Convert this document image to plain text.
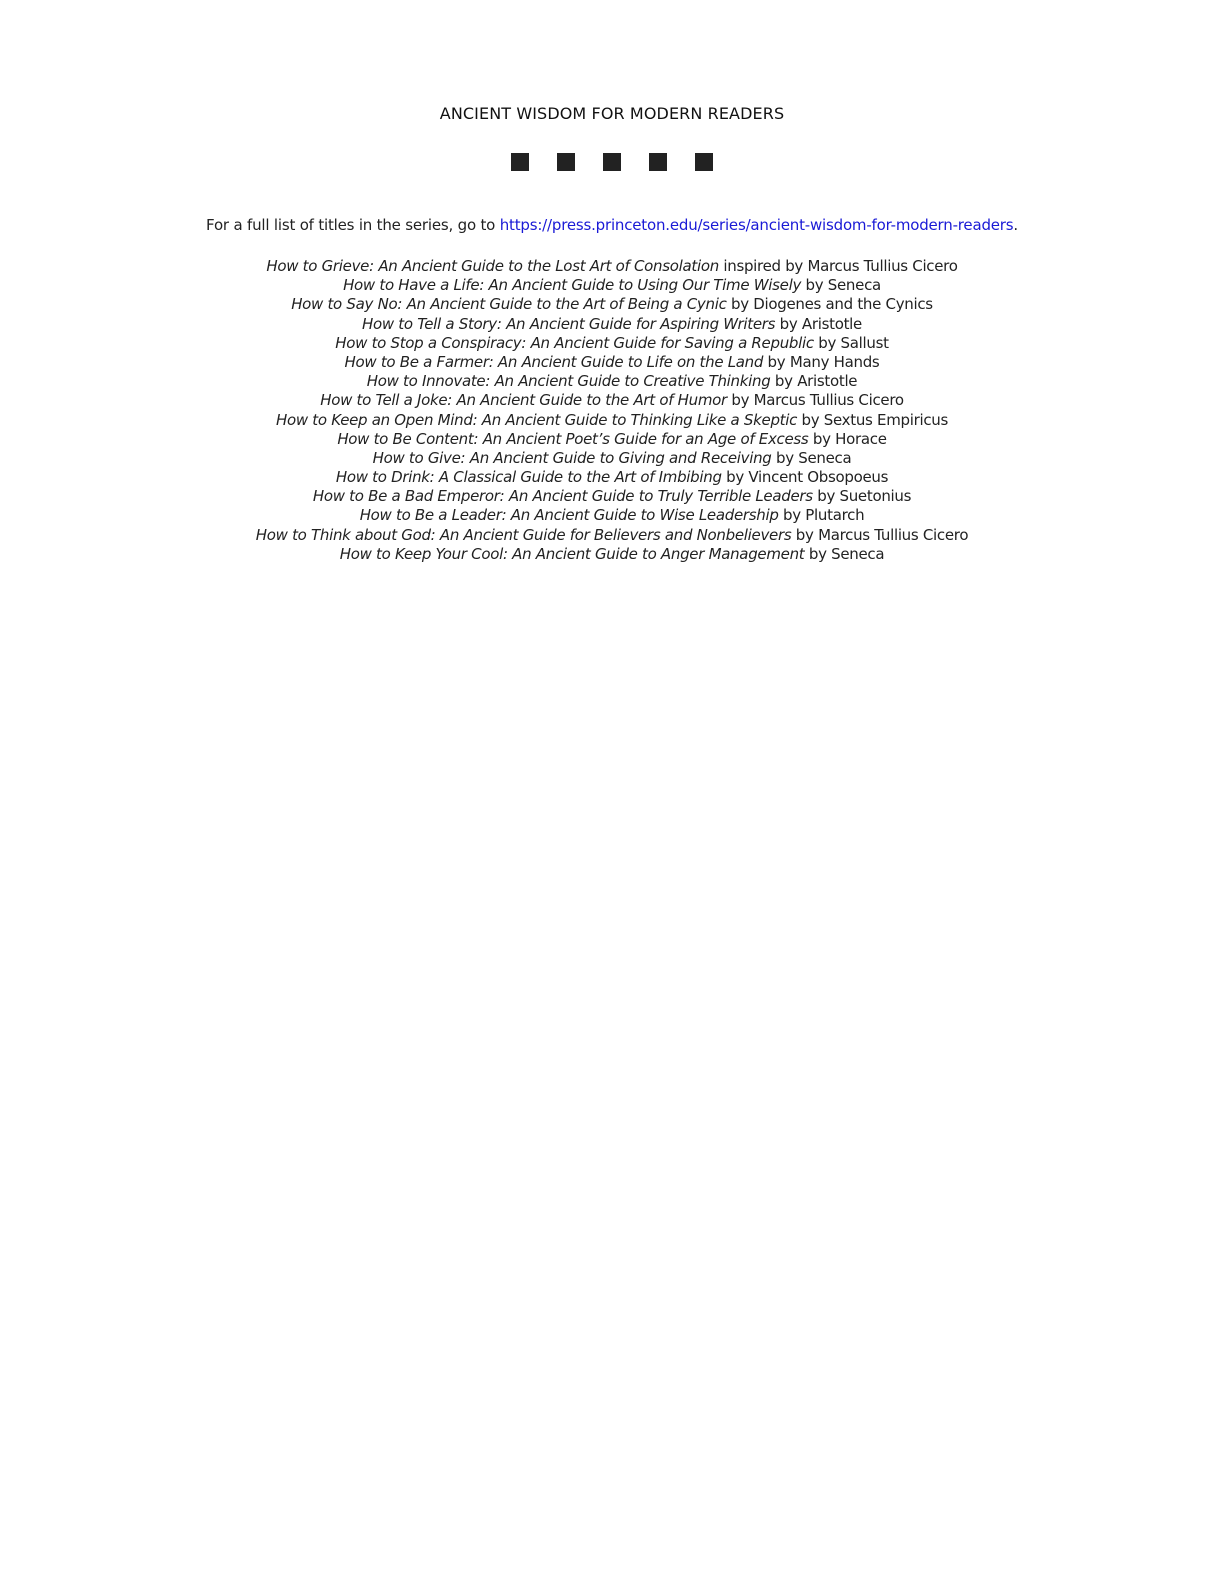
ANCIENT WISDOM FOR MODERN READERS
For a full list of titles in the series, go to https://press.princeton.edu/series/ancient-wisdom-for-modern-readers.
How to Grieve: An Ancient Guide to the Lost Art of Consolation inspired by Marcus Tullius Cicero
How to Have a Life: An Ancient Guide to Using Our Time Wisely by Seneca
How to Say No: An Ancient Guide to the Art of Being a Cynic by Diogenes and the Cynics
How to Tell a Story: An Ancient Guide for Aspiring Writers by Aristotle
How to Stop a Conspiracy: An Ancient Guide for Saving a Republic by Sallust
How to Be a Farmer: An Ancient Guide to Life on the Land by Many Hands
How to Innovate: An Ancient Guide to Creative Thinking by Aristotle
How to Tell a Joke: An Ancient Guide to the Art of Humor by Marcus Tullius Cicero
How to Keep an Open Mind: An Ancient Guide to Thinking Like a Skeptic by Sextus Empiricus
How to Be Content: An Ancient Poet’s Guide for an Age of Excess by Horace
How to Give: An Ancient Guide to Giving and Receiving by Seneca
How to Drink: A Classical Guide to the Art of Imbibing by Vincent Obsopoeus
How to Be a Bad Emperor: An Ancient Guide to Truly Terrible Leaders by Suetonius
How to Be a Leader: An Ancient Guide to Wise Leadership by Plutarch
How to Think about God: An Ancient Guide for Believers and Nonbelievers by Marcus Tullius Cicero
How to Keep Your Cool: An Ancient Guide to Anger Management by Seneca
